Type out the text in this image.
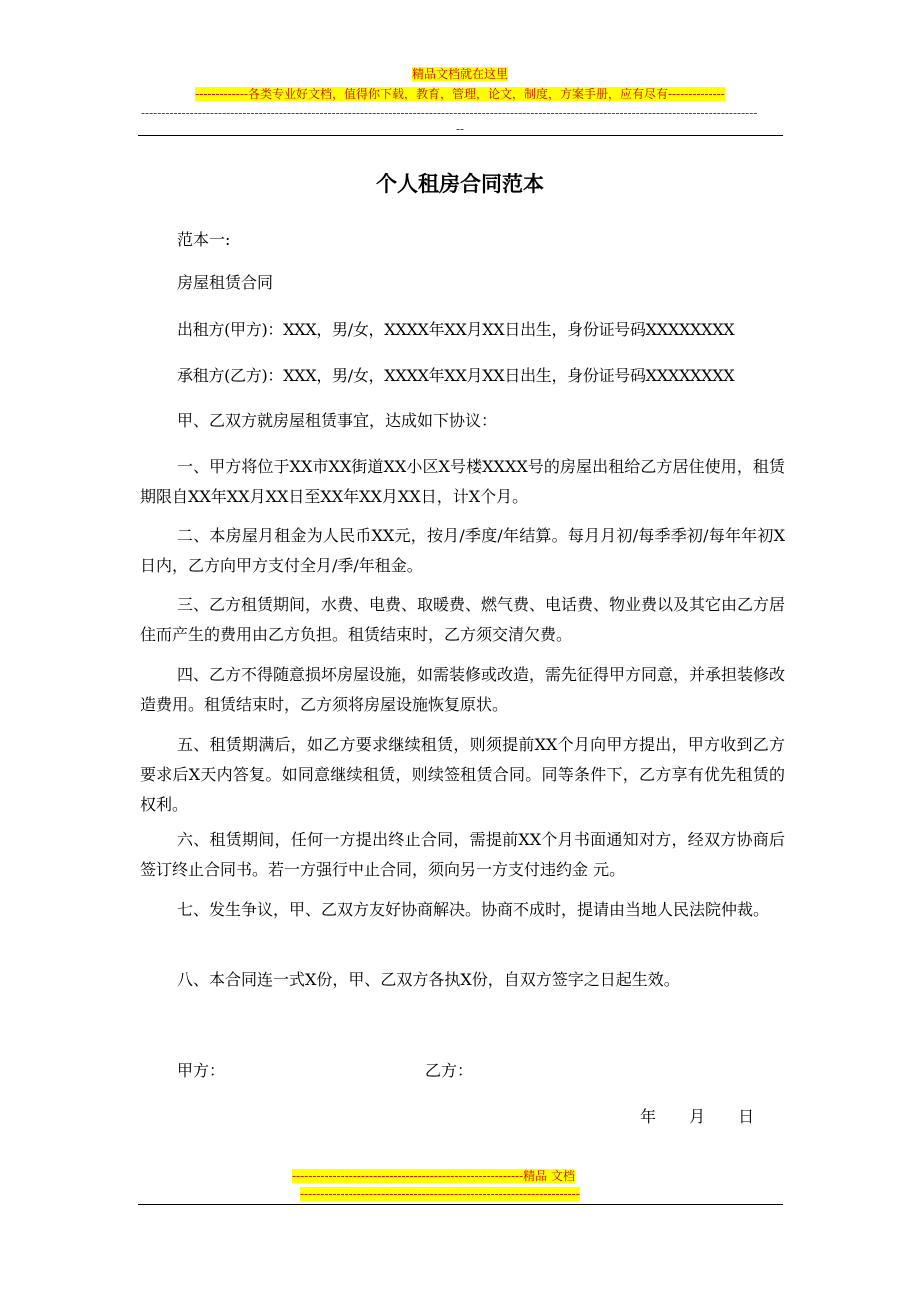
精品文档就在这里
-------------各类专业好文档，值得你下载，教育，管理，论文，制度，方案手册，应有尽有--------------
--------------------------------------------------------------------------------------------------------------------------------------------------------
--
个人租房合同范本
范本一:
房屋租赁合同
出租方(甲方)：XXX，男/女，XXXX年XX月XX日出生，身份证号码XXXXXXXX
承租方(乙方)：XXX，男/女，XXXX年XX月XX日出生，身份证号码XXXXXXXX
甲、乙双方就房屋租赁事宜，达成如下协议：
一、甲方将位于XX市XX街道XX小区X号楼XXXX号的房屋出租给乙方居住使用，租赁期限自XX年XX月XX日至XX年XX月XX日，计X个月。
二、本房屋月租金为人民币XX元，按月/季度/年结算。每月月初/每季季初/每年年初X日内，乙方向甲方支付全月/季/年租金。
三、乙方租赁期间，水费、电费、取暖费、燃气费、电话费、物业费以及其它由乙方居住而产生的费用由乙方负担。租赁结束时，乙方须交清欠费。
四、乙方不得随意损坏房屋设施，如需装修或改造，需先征得甲方同意，并承担装修改造费用。租赁结束时，乙方须将房屋设施恢复原状。
五、租赁期满后，如乙方要求继续租赁，则须提前XX个月向甲方提出，甲方收到乙方要求后X天内答复。如同意继续租赁，则续签租赁合同。同等条件下，乙方享有优先租赁的权利。
六、租赁期间，任何一方提出终止合同，需提前XX个月书面通知对方，经双方协商后签订终止合同书。若一方强行中止合同，须向另一方支付违约金 元。
七、发生争议，甲、乙双方友好协商解决。协商不成时，提请由当地人民法院仲裁。
八、本合同连一式X份，甲、乙双方各执X份，自双方签字之日起生效。
甲方：	乙方：
年 月 日
---------------------------------------------------------精品 文档
---------------------------------------------------------------------
